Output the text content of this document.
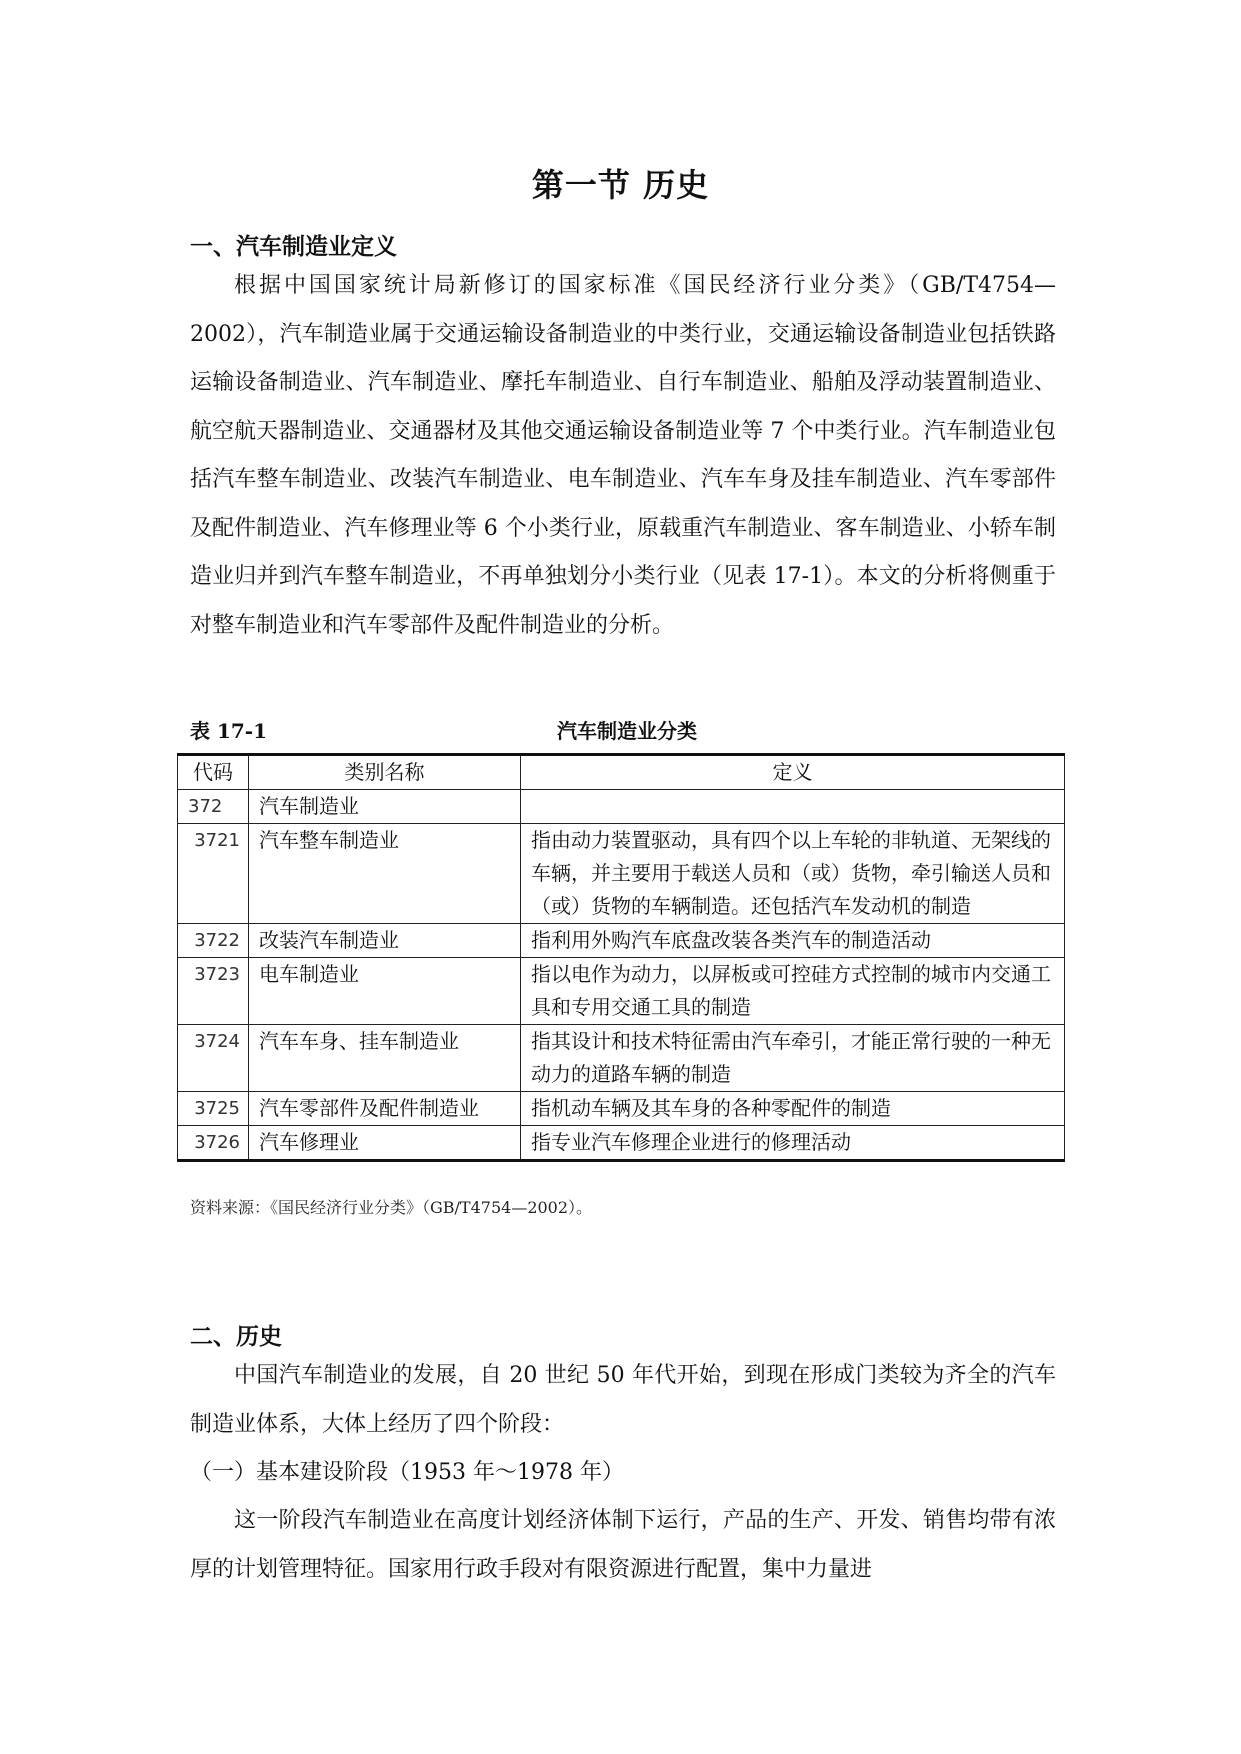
第一节 历史
一、汽车制造业定义

根据中国国家统计局新修订的国家标准《国民经济行业分类》（GB/T4754—2002），汽车制造业属于交通运输设备制造业的中类行业，交通运输设备制造业包括铁路运输设备制造业、汽车制造业、摩托车制造业、自行车制造业、船舶及浮动装置制造业、航空航天器制造业、交通器材及其他交通运输设备制造业等 7 个中类行业。汽车制造业包括汽车整车制造业、改装汽车制造业、电车制造业、汽车车身及挂车制造业、汽车零部件及配件制造业、汽车修理业等 6 个小类行业，原载重汽车制造业、客车制造业、小轿车制造业归并到汽车整车制造业，不再单独划分小类行业（见表 17-1）。本文的分析将侧重于对整车制造业和汽车零部件及配件制造业的分析。

表 17-1	汽车制造业分类
代码	类别名称	定义
372	汽车制造业	
3721	汽车整车制造业	指由动力装置驱动，具有四个以上车轮的非轨道、无架线的车辆，并主要用于载送人员和（或）货物，牵引输送人员和（或）货物的车辆制造。还包括汽车发动机的制造
3722	改装汽车制造业	指利用外购汽车底盘改装各类汽车的制造活动
3723	电车制造业	指以电作为动力，以屏板或可控硅方式控制的城市内交通工具和专用交通工具的制造
3724	汽车车身、挂车制造业	指其设计和技术特征需由汽车牵引，才能正常行驶的一种无动力的道路车辆的制造
3725	汽车零部件及配件制造业	指机动车辆及其车身的各种零配件的制造
3726	汽车修理业	指专业汽车修理企业进行的修理活动
资料来源：《国民经济行业分类》（GB/T4754—2002）。
二、历史

中国汽车制造业的发展，自 20 世纪 50 年代开始，到现在形成门类较为齐全的汽车制造业体系，大体上经历了四个阶段：

（一）基本建设阶段（1953 年～1978 年）

这一阶段汽车制造业在高度计划经济体制下运行，产品的生产、开发、销售均带有浓厚的计划管理特征。国家用行政手段对有限资源进行配置，集中力量进
